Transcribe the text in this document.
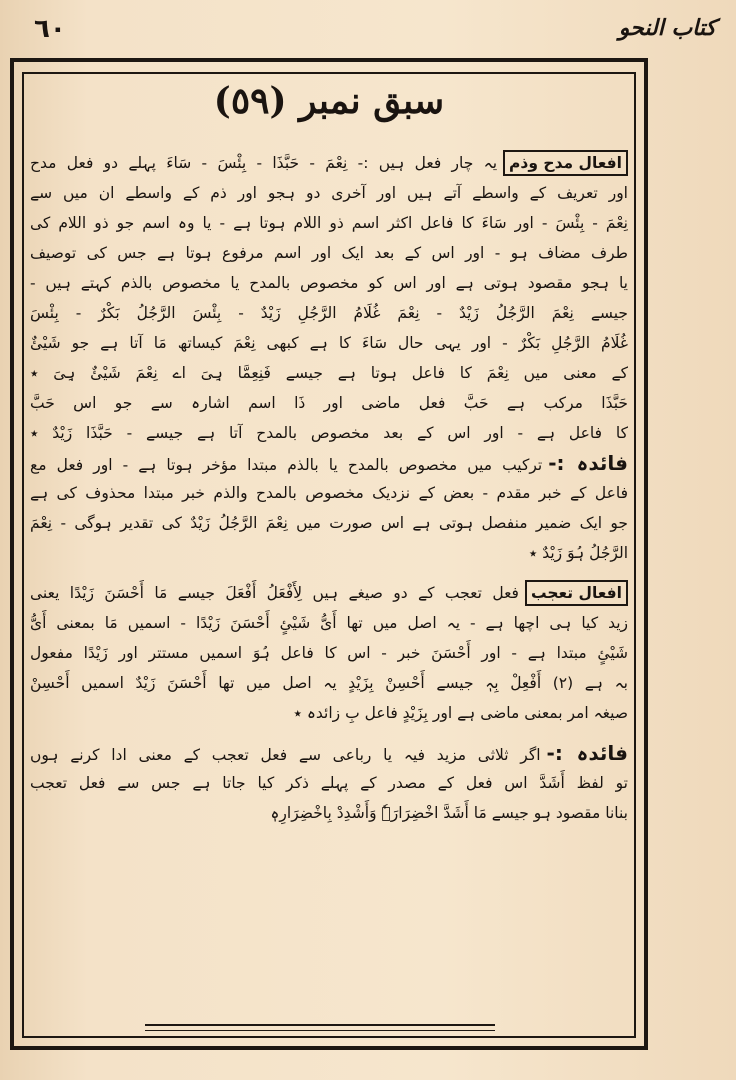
کتاب النحو
٦٠
سبق نمبر (٥٩)
افعال مدح وذمیہ چار فعل ہیں :- نِعْمَ - حَبَّذَا - بِئْسَ - سَاءَ پہلے دو فعل مدح
اور تعریف کے واسطے آتے ہیں اور آخری دو ہجو اور ذم کے واسطے ان میں سے
نِعْمَ - بِئْسَ - اور سَاءَ کا فاعل اکثر اسم ذو اللام ہوتا ہے - یا وہ اسم جو ذو اللام کی
طرف مضاف ہو - اور اس کے بعد ایک اور اسم مرفوع ہوتا ہے جس کی توصیف
یا ہجو مقصود ہوتی ہے اور اس کو مخصوص بالمدح یا مخصوص بالذم کہتے ہیں -
جیسے نِعْمَ الرَّجُلُ زَیْدٌ - نِعْمَ غُلَامُ الرَّجُلِ زَیْدٌ - بِئْسَ الرَّجُلُ بَکْرٌ - بِئْسَ
غُلَامُ الرَّجُلِ بَکْرٌ - اور یہی حال سَاءَ کا ہے کبھی نِعْمَ کیساتھ مَا آتا ہے جو شَیْئٌ
کے معنی میں نِعْمَ کا فاعل ہوتا ہے جیسے فَنِعِمَّا ہِیَ اے نِعْمَ شَیْئٌ ہِیَ ٭
حَبَّذَا مرکب ہے حَبَّ فعل ماضی اور ذَا اسم اشارہ سے جو اس حَبَّ
کا فاعل ہے - اور اس کے بعد مخصوص بالمدح آتا ہے جیسے - حَبَّذَا زَیْدٌ ٭
فائدہ :-ترکیب میں مخصوص بالمدح یا بالذم مبتدا مؤخر ہوتا ہے - اور فعل مع
فاعل کے خبر مقدم - بعض کے نزدیک مخصوص بالمدح والذم خبر مبتدا محذوف کی ہے
جو ایک ضمیر منفصل ہوتی ہے اس صورت میں نِعْمَ الرَّجُلُ زَیْدٌ کی تقدیر ہوگی - نِعْمَ
الرَّجُلُ ہُوَ زَیْدٌ ٭
افعال تعجبفعل تعجب کے دو صیغے ہیں لِأَفْعَلُ أَفْعَلَ جیسے مَا أَحْسَنَ زَیْدًا یعنی
زید کیا ہی اچھا ہے - یہ اصل میں تھا أَیُّ شَیْئٍ أَحْسَنَ زَیْدًا - اسمیں مَا بمعنی أَیُّ
شَیْئٍ مبتدا ہے - اور أَحْسَنَ خبر - اس کا فاعل ہُوَ اسمیں مستتر اور زَیْدًا مفعول
بہ ہے (۲) أَفْعِلْ بِہٖ جیسے أَحْسِنْ بِزَیْدٍ یہ اصل میں تھا أَحْسَنَ زَیْدٌ اسمیں أَحْسِنْ
صیغہ امر بمعنی ماضی ہے اور بِزَیْدٍ فاعل بِ زائدہ ٭
فائدہ :-اگر ثلاثی مزید فیہ یا رباعی سے فعل تعجب کے معنی ادا کرنے ہوں
تو لفظ أَشَدَّ اس فعل کے مصدر کے پہلے ذکر کیا جاتا ہے جس سے فعل تعجب
بنانا مقصود ہو جیسے مَا أَشَدَّ اخْضِرَارَہٗ وَأَشْدِدْ بِاخْضِرَارِہٖ
